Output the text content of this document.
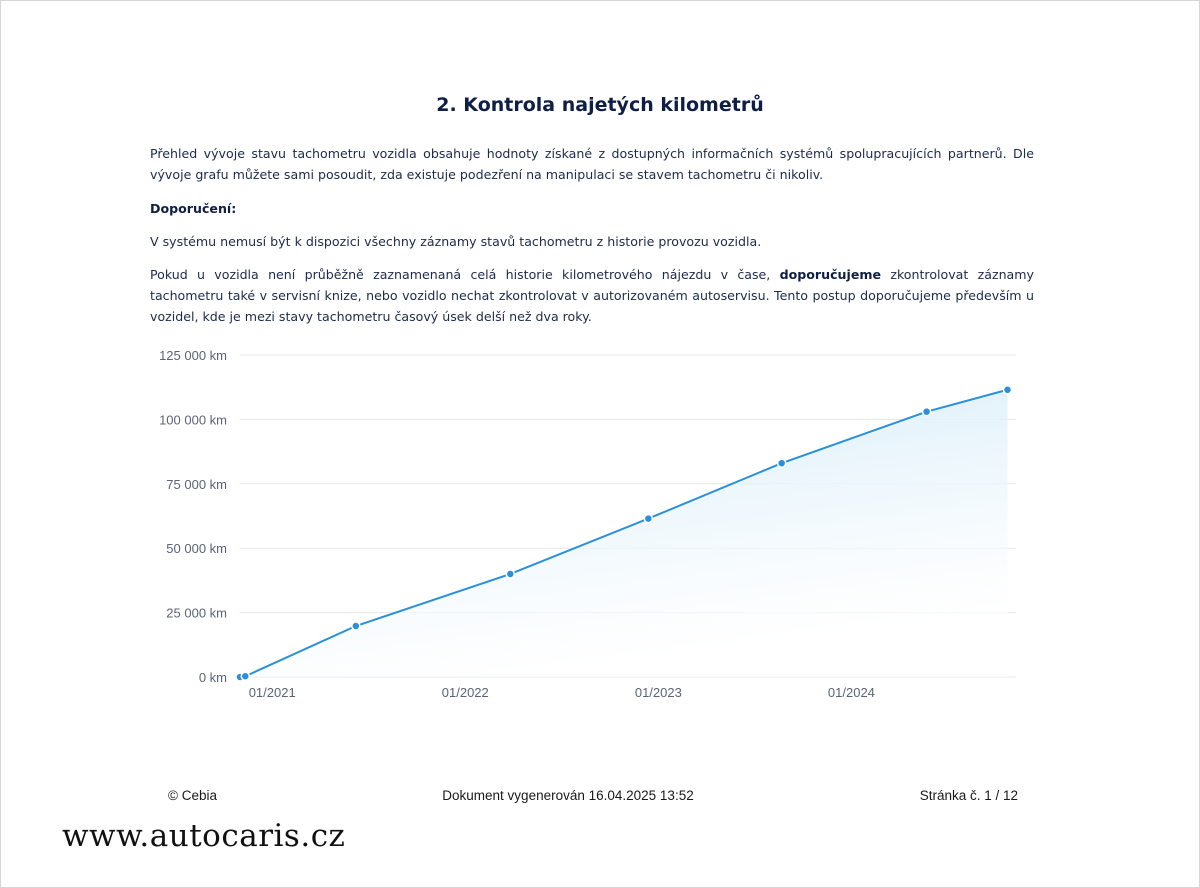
2. Kontrola najetých kilometrů

Přehled vývoje stavu tachometru vozidla obsahuje hodnoty získané z dostupných informačních systémů spolupracujících partnerů. Dle vývoje grafu můžete sami posoudit, zda existuje podezření na manipulaci se stavem tachometru či nikoliv.

Doporučení:

V systému nemusí být k dispozici všechny záznamy stavů tachometru z historie provozu vozidla.

Pokud u vozidla není průběžně zaznamenaná celá historie kilometrového nájezdu v čase, doporučujeme zkontrolovat záznamy tachometru také v servisní knize, nebo vozidlo nechat zkontrolovat v autorizovaném autoservisu. Tento postup doporučujeme především u vozidel, kde je mezi stavy tachometru časový úsek delší než dva roky.

0 km
25 000 km
50 000 km
75 000 km
100 000 km
125 000 km
01/2021	01/2022	01/2023	01/2024
© Cebia	Dokument vygenerován 16.04.2025 13:52	Stránka č. 1 / 12
www.autocaris.cz
